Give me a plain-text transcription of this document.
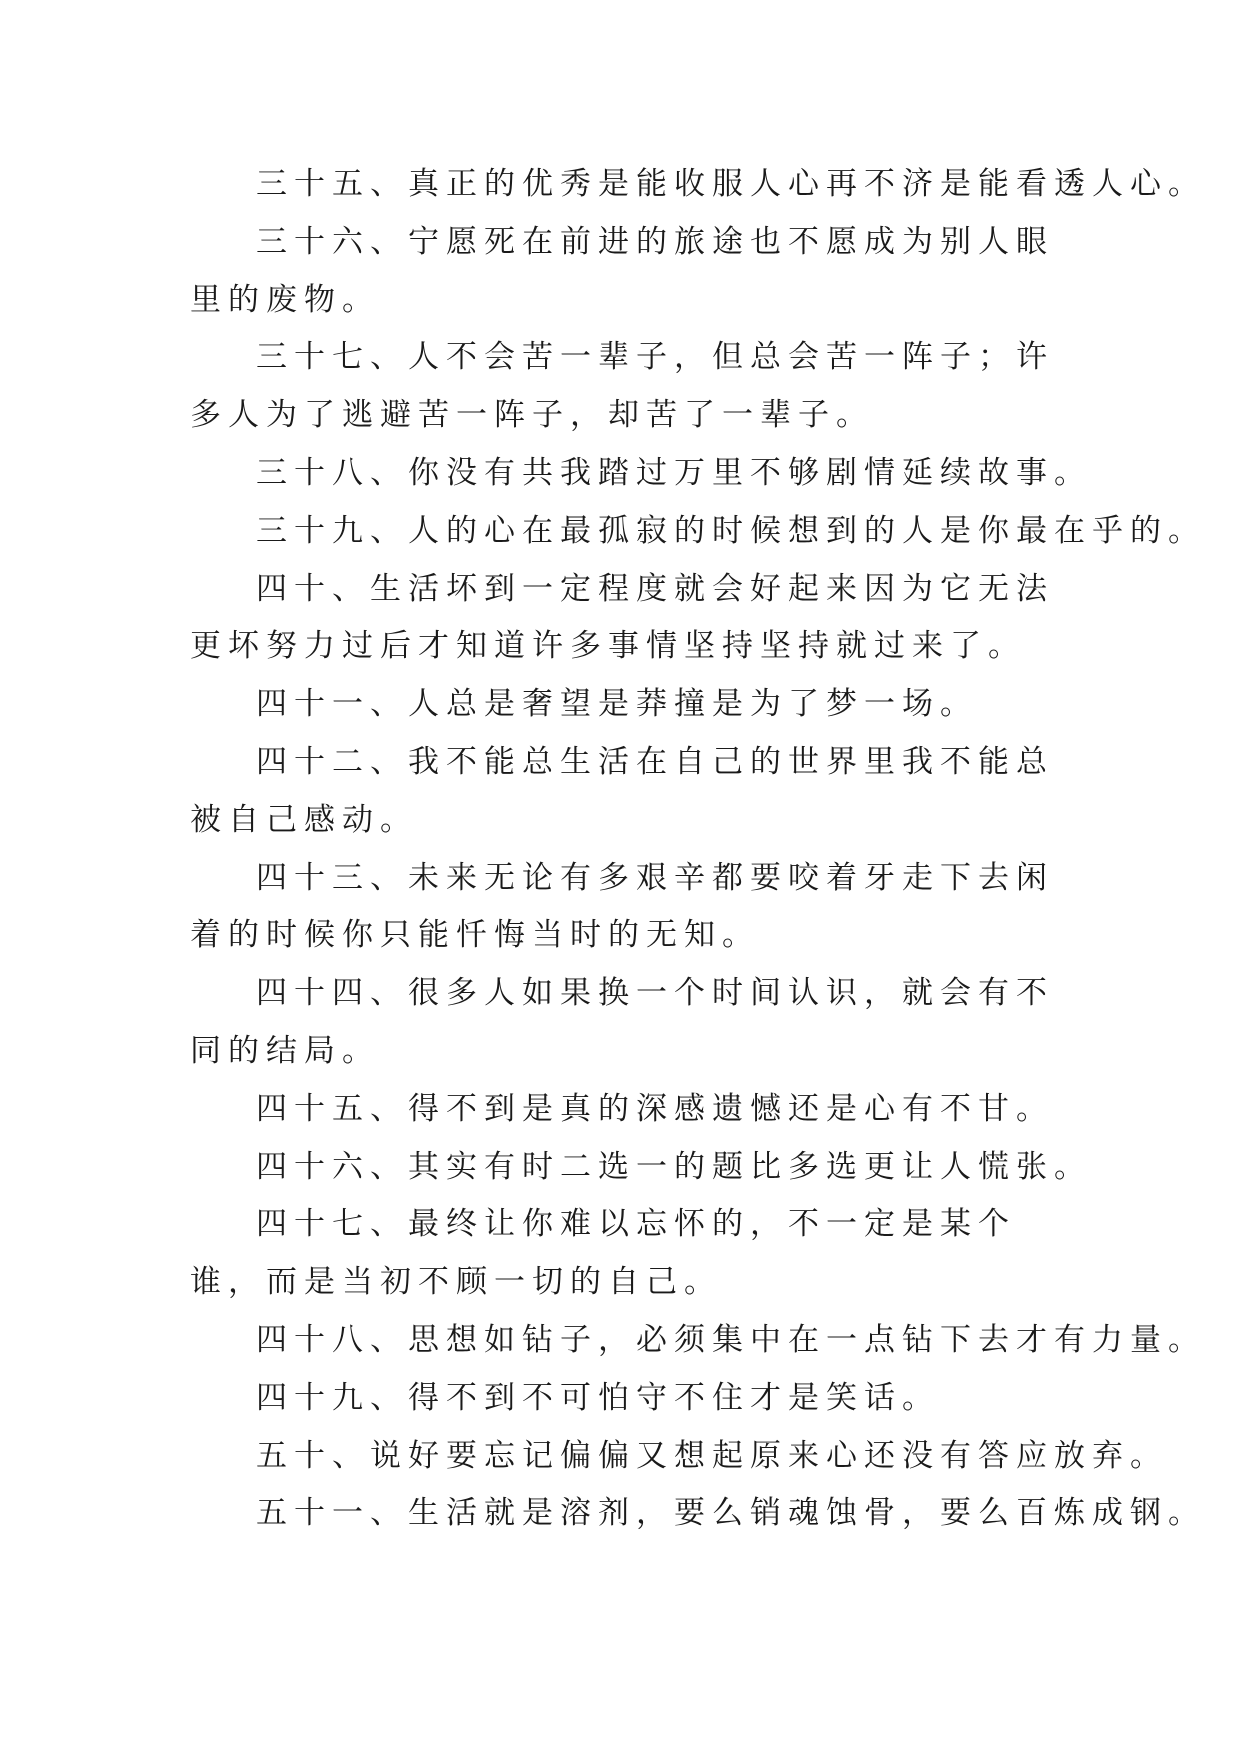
三十五、真正的优秀是能收服人心再不济是能看透人心。

三十六、宁愿死在前进的旅途也不愿成为别人眼里的废物。

三十七、人不会苦一辈子，但总会苦一阵子；许多人为了逃避苦一阵子，却苦了一辈子。

三十八、你没有共我踏过万里不够剧情延续故事。

三十九、人的心在最孤寂的时候想到的人是你最在乎的。

四十、生活坏到一定程度就会好起来因为它无法更坏努力过后才知道许多事情坚持坚持就过来了。

四十一、人总是奢望是莽撞是为了梦一场。

四十二、我不能总生活在自己的世界里我不能总被自己感动。

四十三、未来无论有多艰辛都要咬着牙走下去闲着的时候你只能忏悔当时的无知。

四十四、很多人如果换一个时间认识，就会有不同的结局。

四十五、得不到是真的深感遗憾还是心有不甘。

四十六、其实有时二选一的题比多选更让人慌张。

四十七、最终让你难以忘怀的，不一定是某个谁，而是当初不顾一切的自己。

四十八、思想如钻子，必须集中在一点钻下去才有力量。

四十九、得不到不可怕守不住才是笑话。

五十、说好要忘记偏偏又想起原来心还没有答应放弃。

五十一、生活就是溶剂，要么销魂蚀骨，要么百炼成钢。
